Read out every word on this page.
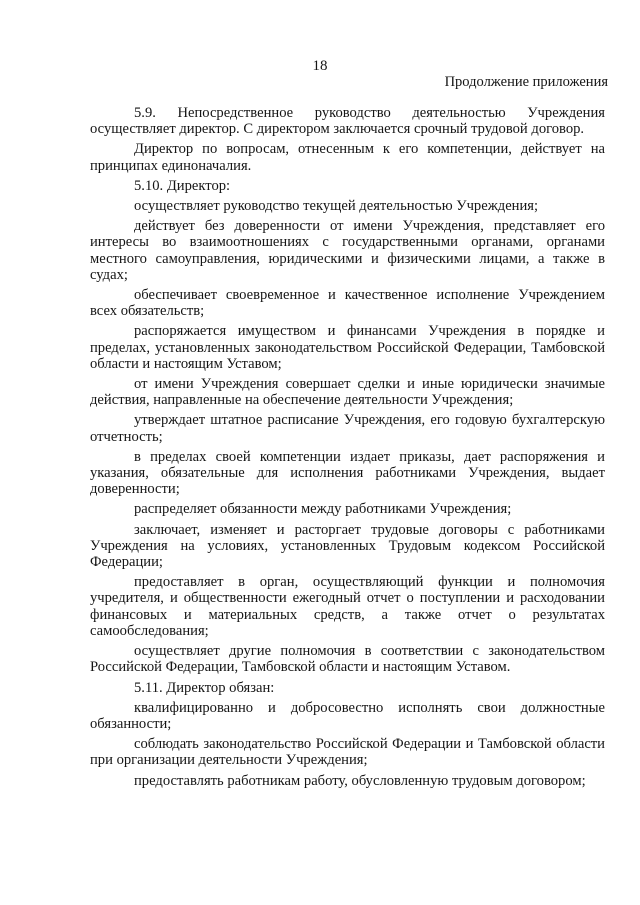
18
Продолжение приложения

5.9. Непосредственное руководство деятельностью Учреждения осуществляет директор. С директором заключается срочный трудовой договор.

Директор по вопросам, отнесенным к его компетенции, действует на принципах единоначалия.

5.10. Директор:

осуществляет руководство текущей деятельностью Учреждения;

действует без доверенности от имени Учреждения, представляет его интересы во взаимоотношениях с государственными органами, органами местного самоуправления, юридическими и физическими лицами, а также в судах;

обеспечивает своевременное и качественное исполнение Учреждением всех обязательств;

распоряжается имуществом и финансами Учреждения в порядке и пределах, установленных законодательством Российской Федерации, Тамбовской области и настоящим Уставом;

от имени Учреждения совершает сделки и иные юридически значимые действия, направленные на обеспечение деятельности Учреждения;

утверждает штатное расписание Учреждения, его годовую бухгалтерскую отчетность;

в пределах своей компетенции издает приказы, дает распоряжения и указания, обязательные для исполнения работниками Учреждения, выдает доверенности;

распределяет обязанности между работниками Учреждения;

заключает, изменяет и расторгает трудовые договоры с работниками Учреждения на условиях, установленных Трудовым кодексом Российской Федерации;

предоставляет в орган, осуществляющий функции и полномочия учредителя, и общественности ежегодный отчет о поступлении и расходовании финансовых и материальных средств, а также отчет о результатах самообследования;

осуществляет другие полномочия в соответствии с законодательством Российской Федерации, Тамбовской области и настоящим Уставом.

5.11. Директор обязан:

квалифицированно и добросовестно исполнять свои должностные обязанности;

соблюдать законодательство Российской Федерации и Тамбовской области при организации деятельности Учреждения;

предоставлять работникам работу, обусловленную трудовым договором;
